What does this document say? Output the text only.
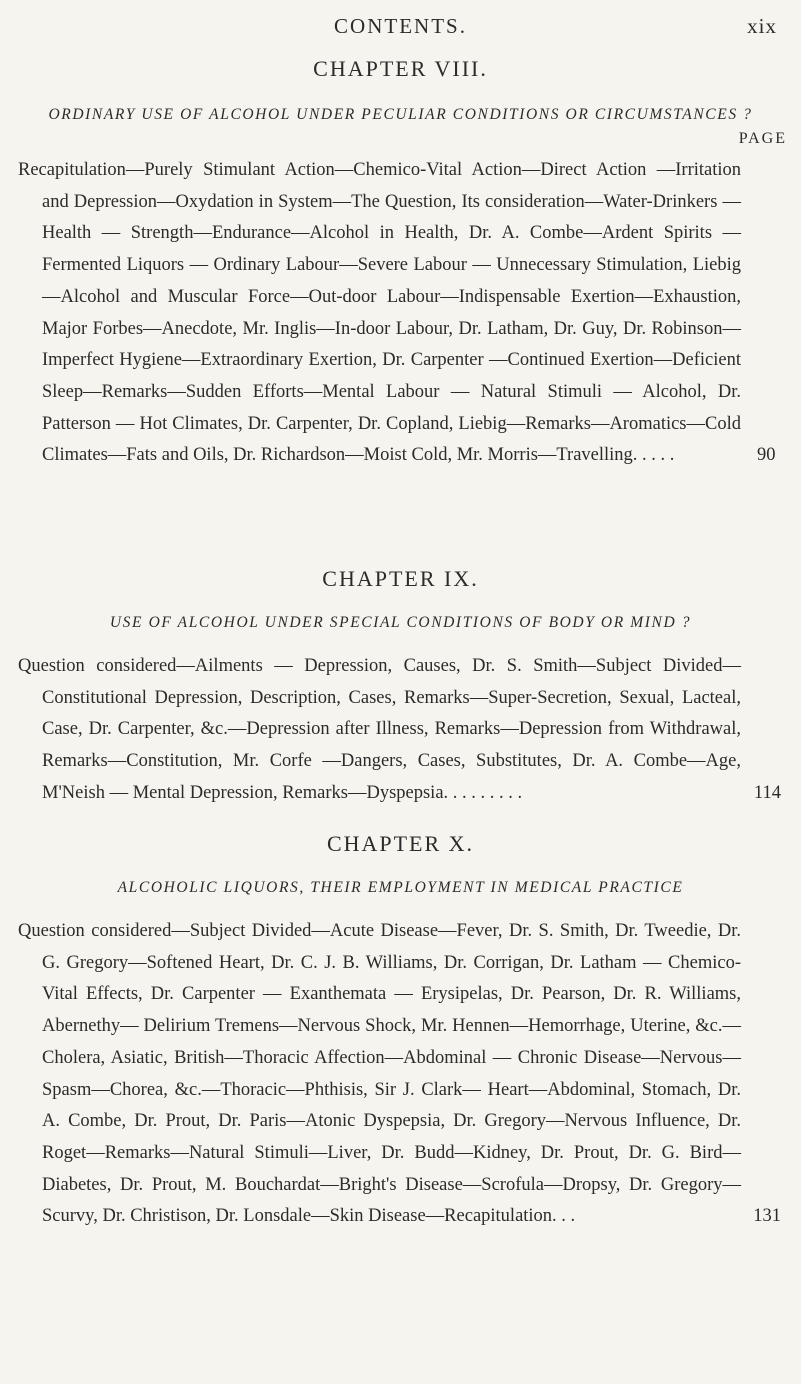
CONTENTS.	xix
CHAPTER VIII.
ORDINARY USE OF ALCOHOL UNDER PECULIAR CONDITIONS OR CIRCUMSTANCES ?
PAGE
Recapitulation—Purely Stimulant Action—Chemico-Vital Action—Direct Action —Irritation and Depression—Oxydation in System—The Question, Its consideration—Water-Drinkers — Health — Strength—Endurance—Alcohol in Health, Dr. A. Combe—Ardent Spirits — Fermented Liquors — Ordinary Labour—Severe Labour — Unnecessary Stimulation, Liebig—Alcohol and Muscular Force—Out-door Labour—Indispensable Exertion—Exhaustion, Major Forbes—Anecdote, Mr. Inglis—In-door Labour, Dr. Latham, Dr. Guy, Dr. Robinson—Imperfect Hygiene—Extraordinary Exertion, Dr. Carpenter —Continued Exertion—Deficient Sleep—Remarks—Sudden Efforts—Mental Labour — Natural Stimuli — Alcohol, Dr. Patterson — Hot Climates, Dr. Carpenter, Dr. Copland, Liebig—Remarks—Aromatics—Cold Climates—Fats and Oils, Dr. Richardson—Moist Cold, Mr. Morris—Travelling. . . . .	90
CHAPTER IX.
USE OF ALCOHOL UNDER SPECIAL CONDITIONS OF BODY OR MIND ?
Question considered—Ailments — Depression, Causes, Dr. S. Smith—Subject Divided—Constitutional Depression, Description, Cases, Remarks—Super-Secretion, Sexual, Lacteal, Case, Dr. Carpenter, &c.—Depression after Illness, Remarks—Depression from Withdrawal, Remarks—Constitution, Mr. Corfe —Dangers, Cases, Substitutes, Dr. A. Combe—Age, M'Neish — Mental Depression, Remarks—Dyspepsia. . . . . . . . .	114
CHAPTER X.
ALCOHOLIC LIQUORS, THEIR EMPLOYMENT IN MEDICAL PRACTICE
Question considered—Subject Divided—Acute Disease—Fever, Dr. S. Smith, Dr. Tweedie, Dr. G. Gregory—Softened Heart, Dr. C. J. B. Williams, Dr. Corrigan, Dr. Latham — Chemico-Vital Effects, Dr. Carpenter — Exanthemata — Erysipelas, Dr. Pearson, Dr. R. Williams, Abernethy— Delirium Tremens—Nervous Shock, Mr. Hennen—Hemorrhage, Uterine, &c.—Cholera, Asiatic, British—Thoracic Affection—Abdominal — Chronic Disease—Nervous—Spasm—Chorea, &c.—Thoracic—Phthisis, Sir J. Clark— Heart—Abdominal, Stomach, Dr. A. Combe, Dr. Prout, Dr. Paris—Atonic Dyspepsia, Dr. Gregory—Nervous Influence, Dr. Roget—Remarks—Natural Stimuli—Liver, Dr. Budd—Kidney, Dr. Prout, Dr. G. Bird—Diabetes, Dr. Prout, M. Bouchardat—Bright's Disease—Scrofula—Dropsy, Dr. Gregory— Scurvy, Dr. Christison, Dr. Lonsdale—Skin Disease—Recapitulation. . .	131
